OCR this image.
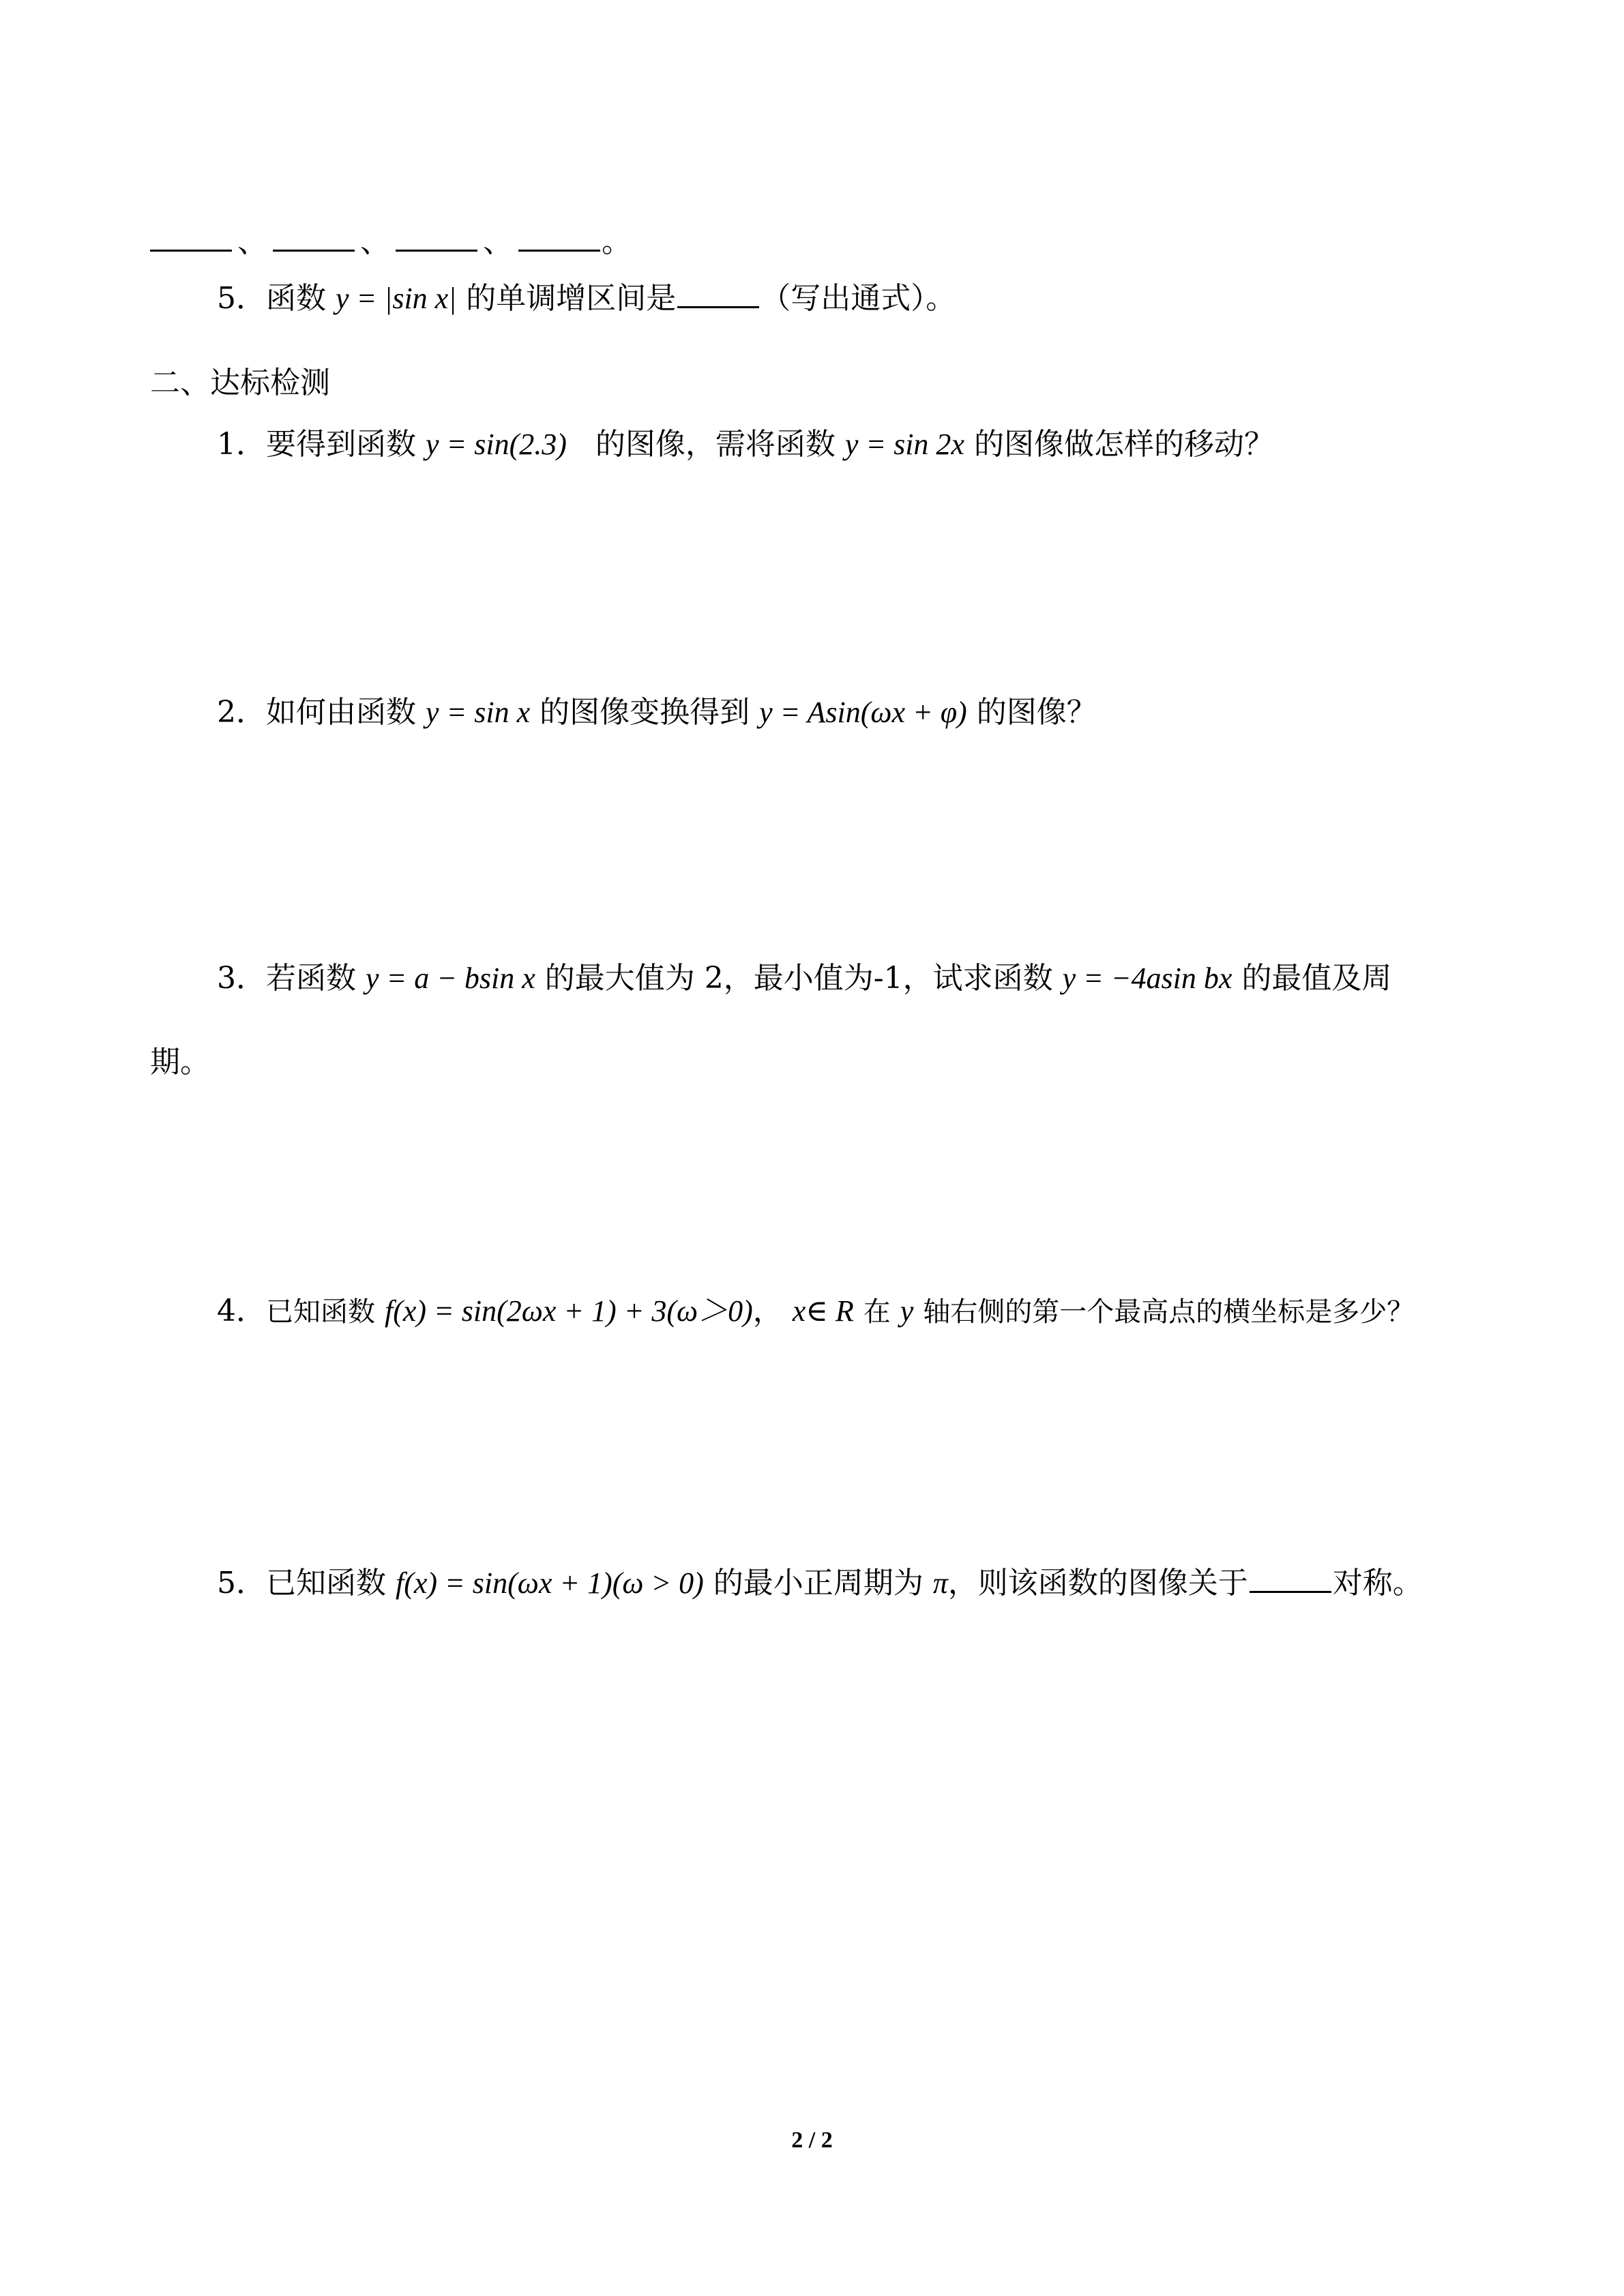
、	、	、	。
5．函数 y = |sin x| 的单调增区间是	（写出通式）。
二、达标检测
1．要得到函数 y = sin(2.3) 的图像，需将函数 y = sin 2x 的图像做怎样的移动？
2．如何由函数 y = sin x 的图像变换得到 y = Asin(ωx + φ) 的图像？
3．若函数 y = a − bsin x 的最大值为 2，最小值为-1，试求函数 y = −4asin bx 的最值及周
期。
4．已知函数 f(x) = sin(2ωx + 1) + 3(ω＞0)， x∈ R 在 y 轴右侧的第一个最高点的横坐标是多少？
5．已知函数 f(x) = sin(ωx + 1)(ω > 0) 的最小正周期为 π，则该函数的图像关于	对称。
2 / 2
